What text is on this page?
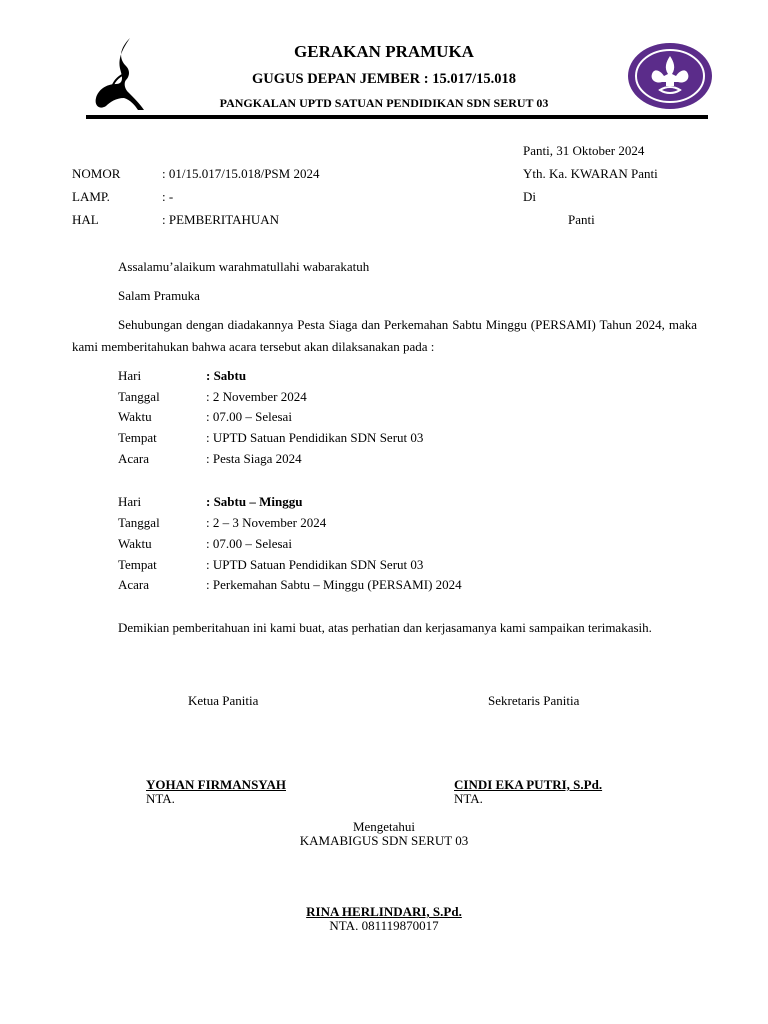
GERAKAN PRAMUKA
GUGUS DEPAN JEMBER : 15.017/15.018
PANGKALAN UPTD SATUAN PENDIDIKAN SDN SERUT 03
Panti, 31 Oktober 2024
NOMOR	: 01/15.017/15.018/PSM 2024	Yth. Ka. KWARAN Panti
LAMP.	: -	Di
HAL	: PEMBERITAHUAN	Panti
Assalamu’alaikum warahmatullahi wabarakatuh
Salam Pramuka
Sehubungan dengan diadakannya Pesta Siaga dan Perkemahan Sabtu Minggu (PERSAMI) Tahun 2024, maka kami memberitahukan bahwa acara tersebut akan dilaksanakan pada :
Hari	: Sabtu
Tanggal	: 2 November 2024
Waktu	: 07.00 – Selesai
Tempat	: UPTD Satuan Pendidikan SDN Serut 03
Acara	: Pesta Siaga 2024
Hari	: Sabtu – Minggu
Tanggal	: 2 – 3 November 2024
Waktu	: 07.00 – Selesai
Tempat	: UPTD Satuan Pendidikan SDN Serut 03
Acara	: Perkemahan Sabtu – Minggu (PERSAMI) 2024
Demikian pemberitahuan ini kami buat, atas perhatian dan kerjasamanya kami sampaikan terimakasih.
Ketua Panitia	Sekretaris Panitia
YOHAN FIRMANSYAH
NTA.
CINDI EKA PUTRI, S.Pd.
NTA.
Mengetahui
KAMABIGUS SDN SERUT 03
RINA HERLINDARI, S.Pd.
NTA. 081119870017
